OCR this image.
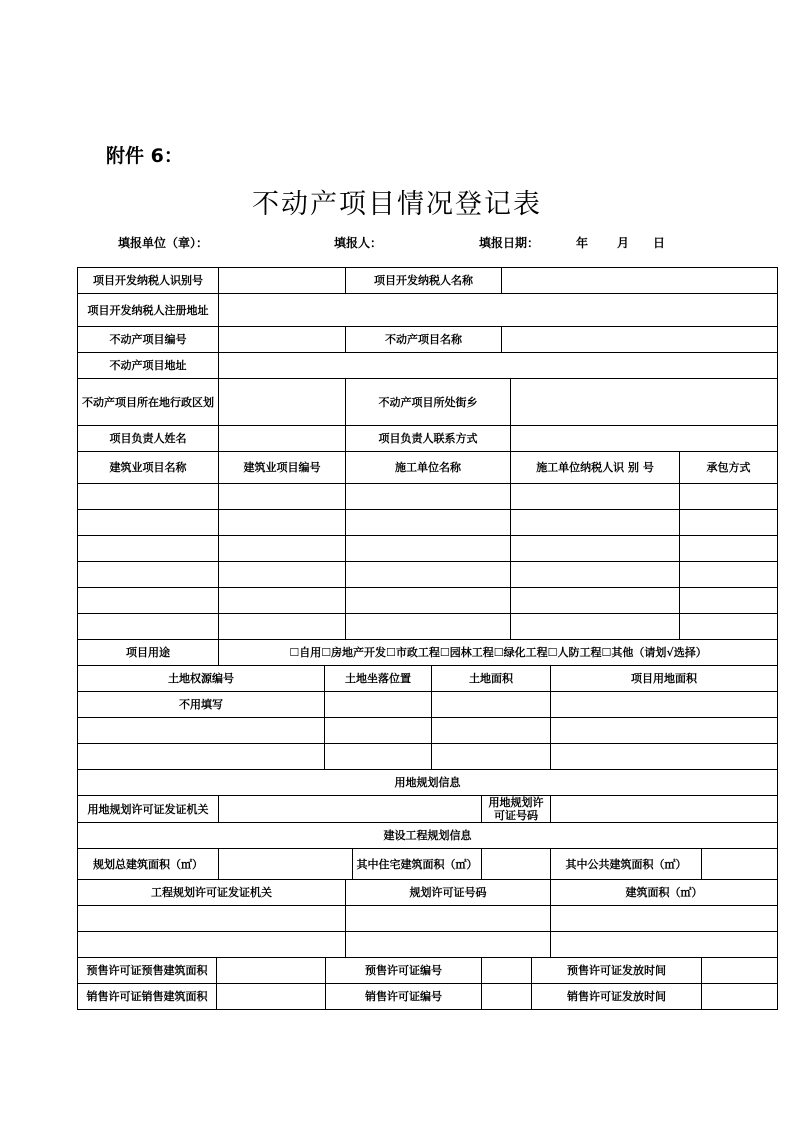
附件 6：
不动产项目情况登记表
填报单位（章）：	填报人：	填报日期：	年 月 日
项目开发纳税人识别号				项目开发纳税人名称									
项目开发纳税人注册地址													
不动产项目编号				不动产项目名称									
不动产项目地址													
不动产项目所在地行政区划				不动产项目所处街乡									
项目负责人姓名				项目负责人联系方式									
建筑业项目名称		建筑业项目编号		施工单位名称					施工单位纳税人识 别 号			承包方式	

项目用途		☐自用☐房地产开发☐市政工程☐园林工程☐绿化工程☐人防工程☐其他（请划√选择）											
土地权源编号			土地坐落位置			土地面积					项目用地面积		
不用填写													

用地规划信息													
用地规划许可证发证机关							用地规划许可证号码						
建设工程规划信息													
规划总建筑面积（㎡）					其中住宅建筑面积（㎡）						其中公共建筑面积（㎡）		
工程规划许可证发证机关				规划许可证号码							建筑面积（㎡）		

预售许可证预售建筑面积			预售许可证编号							预售许可证发放时间			
销售许可证销售建筑面积			销售许可证编号							销售许可证发放时间			
